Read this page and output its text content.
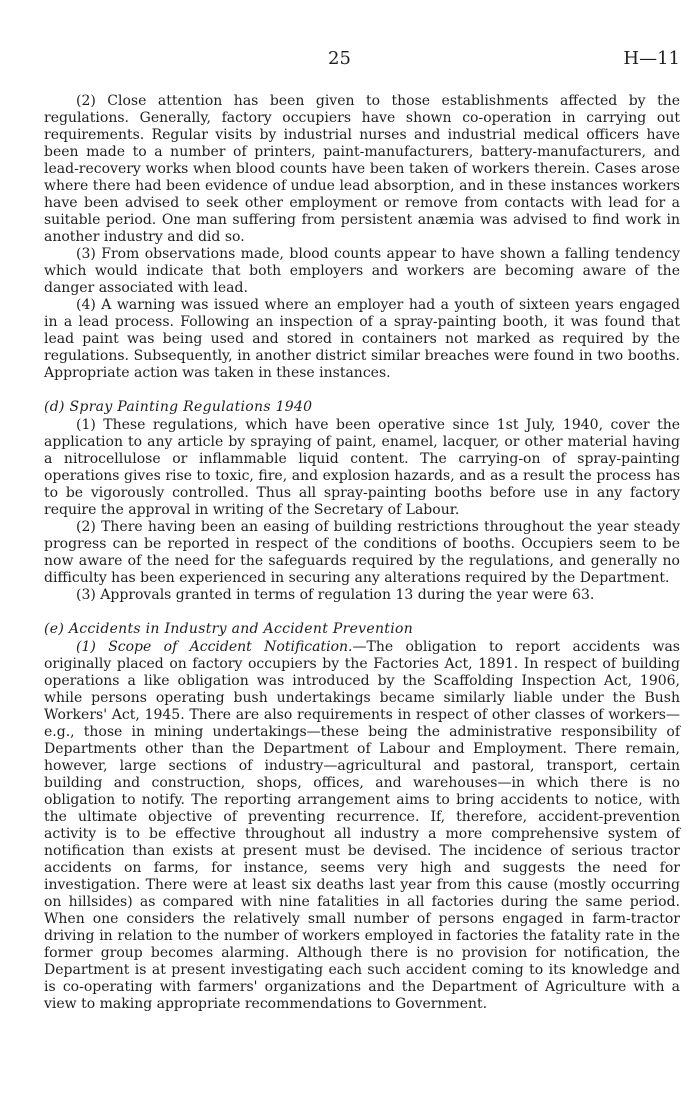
25	H—11

(2) Close attention has been given to those establishments affected by the regulations. Generally, factory occupiers have shown co-operation in carrying out requirements. Regular visits by industrial nurses and industrial medical officers have been made to a number of printers, paint-manufacturers, battery-manufacturers, and lead-recovery works when blood counts have been taken of workers therein. Cases arose where there had been evidence of undue lead absorption, and in these instances workers have been advised to seek other employment or remove from contacts with lead for a suitable period. One man suffering from persistent anæmia was advised to find work in another industry and did so.

(3) From observations made, blood counts appear to have shown a falling tendency which would indicate that both employers and workers are becoming aware of the danger associated with lead.

(4) A warning was issued where an employer had a youth of sixteen years engaged in a lead process. Following an inspection of a spray-painting booth, it was found that lead paint was being used and stored in containers not marked as required by the regulations. Subsequently, in another district similar breaches were found in two booths. Appropriate action was taken in these instances.

(d) Spray Painting Regulations 1940

(1) These regulations, which have been operative since 1st July, 1940, cover the application to any article by spraying of paint, enamel, lacquer, or other material having a nitrocellulose or inflammable liquid content. The carrying-on of spray-painting operations gives rise to toxic, fire, and explosion hazards, and as a result the process has to be vigorously controlled. Thus all spray-painting booths before use in any factory require the approval in writing of the Secretary of Labour.

(2) There having been an easing of building restrictions throughout the year steady progress can be reported in respect of the conditions of booths. Occupiers seem to be now aware of the need for the safeguards required by the regulations, and generally no difficulty has been experienced in securing any alterations required by the Department.

(3) Approvals granted in terms of regulation 13 during the year were 63.

(e) Accidents in Industry and Accident Prevention

(1) Scope of Accident Notification.—The obligation to report accidents was originally placed on factory occupiers by the Factories Act, 1891. In respect of building operations a like obligation was introduced by the Scaffolding Inspection Act, 1906, while persons operating bush undertakings became similarly liable under the Bush Workers' Act, 1945. There are also requirements in respect of other classes of workers—e.g., those in mining undertakings—these being the administrative responsibility of Departments other than the Department of Labour and Employment. There remain, however, large sections of industry—agricultural and pastoral, transport, certain building and construction, shops, offices, and warehouses—in which there is no obligation to notify. The reporting arrangement aims to bring accidents to notice, with the ultimate objective of preventing recurrence. If, therefore, accident-prevention activity is to be effective throughout all industry a more comprehensive system of notification than exists at present must be devised. The incidence of serious tractor accidents on farms, for instance, seems very high and suggests the need for investigation. There were at least six deaths last year from this cause (mostly occurring on hillsides) as compared with nine fatalities in all factories during the same period. When one considers the relatively small number of persons engaged in farm-tractor driving in relation to the number of workers employed in factories the fatality rate in the former group becomes alarming. Although there is no provision for notification, the Department is at present investigating each such accident coming to its knowledge and is co-operating with farmers' organizations and the Department of Agriculture with a view to making appropriate recommendations to Government.
